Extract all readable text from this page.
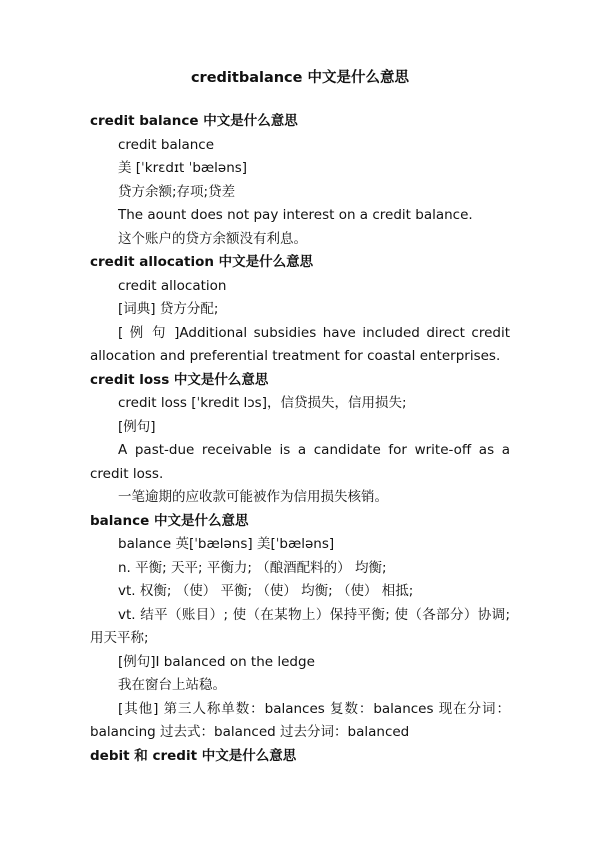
creditbalance 中文是什么意思
credit balance 中文是什么意思
credit balance
美 [ˈkrɛdɪt ˈbæləns]
贷方余额;存项;贷差
The aount does not pay interest on a credit balance.
这个账户的贷方余额没有利息。
credit allocation 中文是什么意思
credit allocation
[词典] 贷方分配;
[ 例 句 ]Additional subsidies have included direct credit allocation and preferential treatment for coastal enterprises.
credit loss 中文是什么意思
credit loss [ˈkredit lɔs]，信贷损失，信用损失;
[例句]
A past-due receivable is a candidate for write-off as a credit loss.
一笔逾期的应收款可能被作为信用损失核销。
balance 中文是什么意思
balance 英[ˈbæləns] 美[ˈbæləns]
n. 平衡; 天平; 平衡力; （酿酒配料的） 均衡;
vt. 权衡; （使） 平衡; （使） 均衡; （使） 相抵;
vt. 结平（账目）; 使（在某物上）保持平衡; 使（各部分）协调; 用天平称;
[例句]I balanced on the ledge
我在窗台上站稳。
[其他] 第三人称单数：balances 复数：balances 现在分词：balancing 过去式：balanced 过去分词：balanced
debit 和 credit 中文是什么意思
